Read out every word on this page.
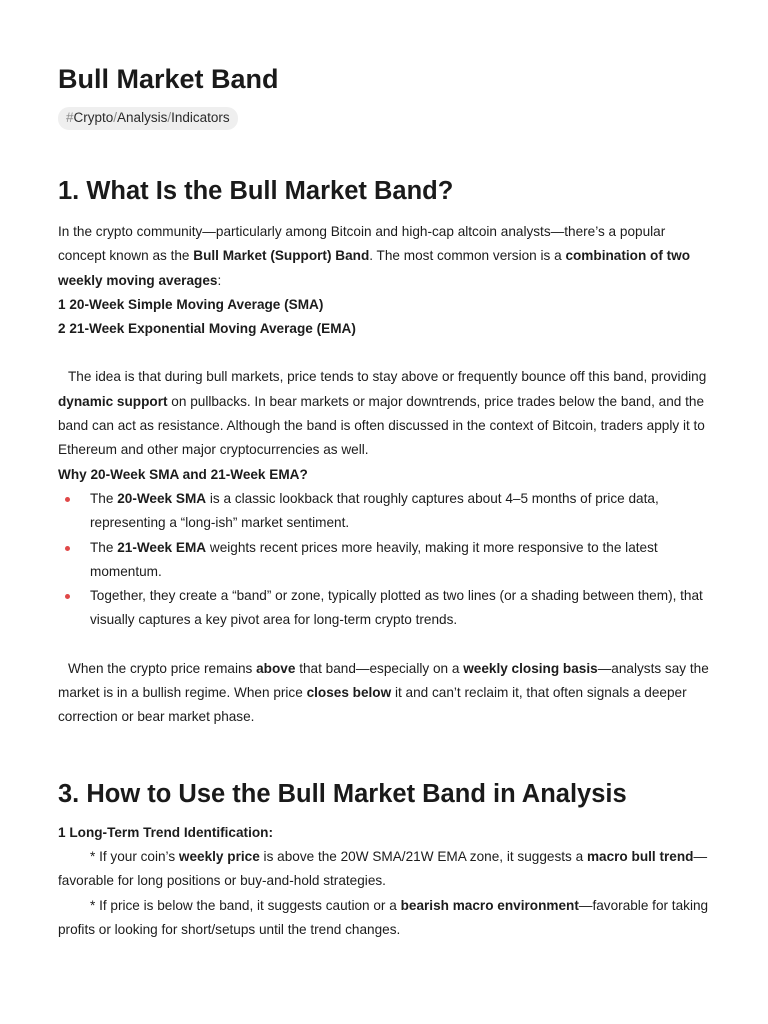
Bull Market Band
#Crypto/Analysis/Indicators
1. What Is the Bull Market Band?

In the crypto community—particularly among Bitcoin and high-cap altcoin analysts—there’s a popular concept known as the Bull Market (Support) Band. The most common version is a combination of two weekly moving averages:

1 20-Week Simple Moving Average (SMA)
2 21-Week Exponential Moving Average (EMA)

The idea is that during bull markets, price tends to stay above or frequently bounce off this band, providing dynamic support on pullbacks. In bear markets or major downtrends, price trades below the band, and the band can act as resistance. Although the band is often discussed in the context of Bitcoin, traders apply it to Ethereum and other major cryptocurrencies as well.

Why 20-Week SMA and 21-Week EMA?
The 20-Week SMA is a classic lookback that roughly captures about 4–5 months of price data, representing a “long-ish” market sentiment.
The 21-Week EMA weights recent prices more heavily, making it more responsive to the latest momentum.
Together, they create a “band” or zone, typically plotted as two lines (or a shading between them), that visually captures a key pivot area for long-term crypto trends.

When the crypto price remains above that band—especially on a weekly closing basis—analysts say the market is in a bullish regime. When price closes below it and can’t reclaim it, that often signals a deeper correction or bear market phase.

3. How to Use the Bull Market Band in Analysis
1 Long-Term Trend Identification:

* If your coin’s weekly price is above the 20W SMA/21W EMA zone, it suggests a macro bull trend—favorable for long positions or buy-and-hold strategies.

* If price is below the band, it suggests caution or a bearish macro environment—favorable for taking profits or looking for short/setups until the trend changes.
